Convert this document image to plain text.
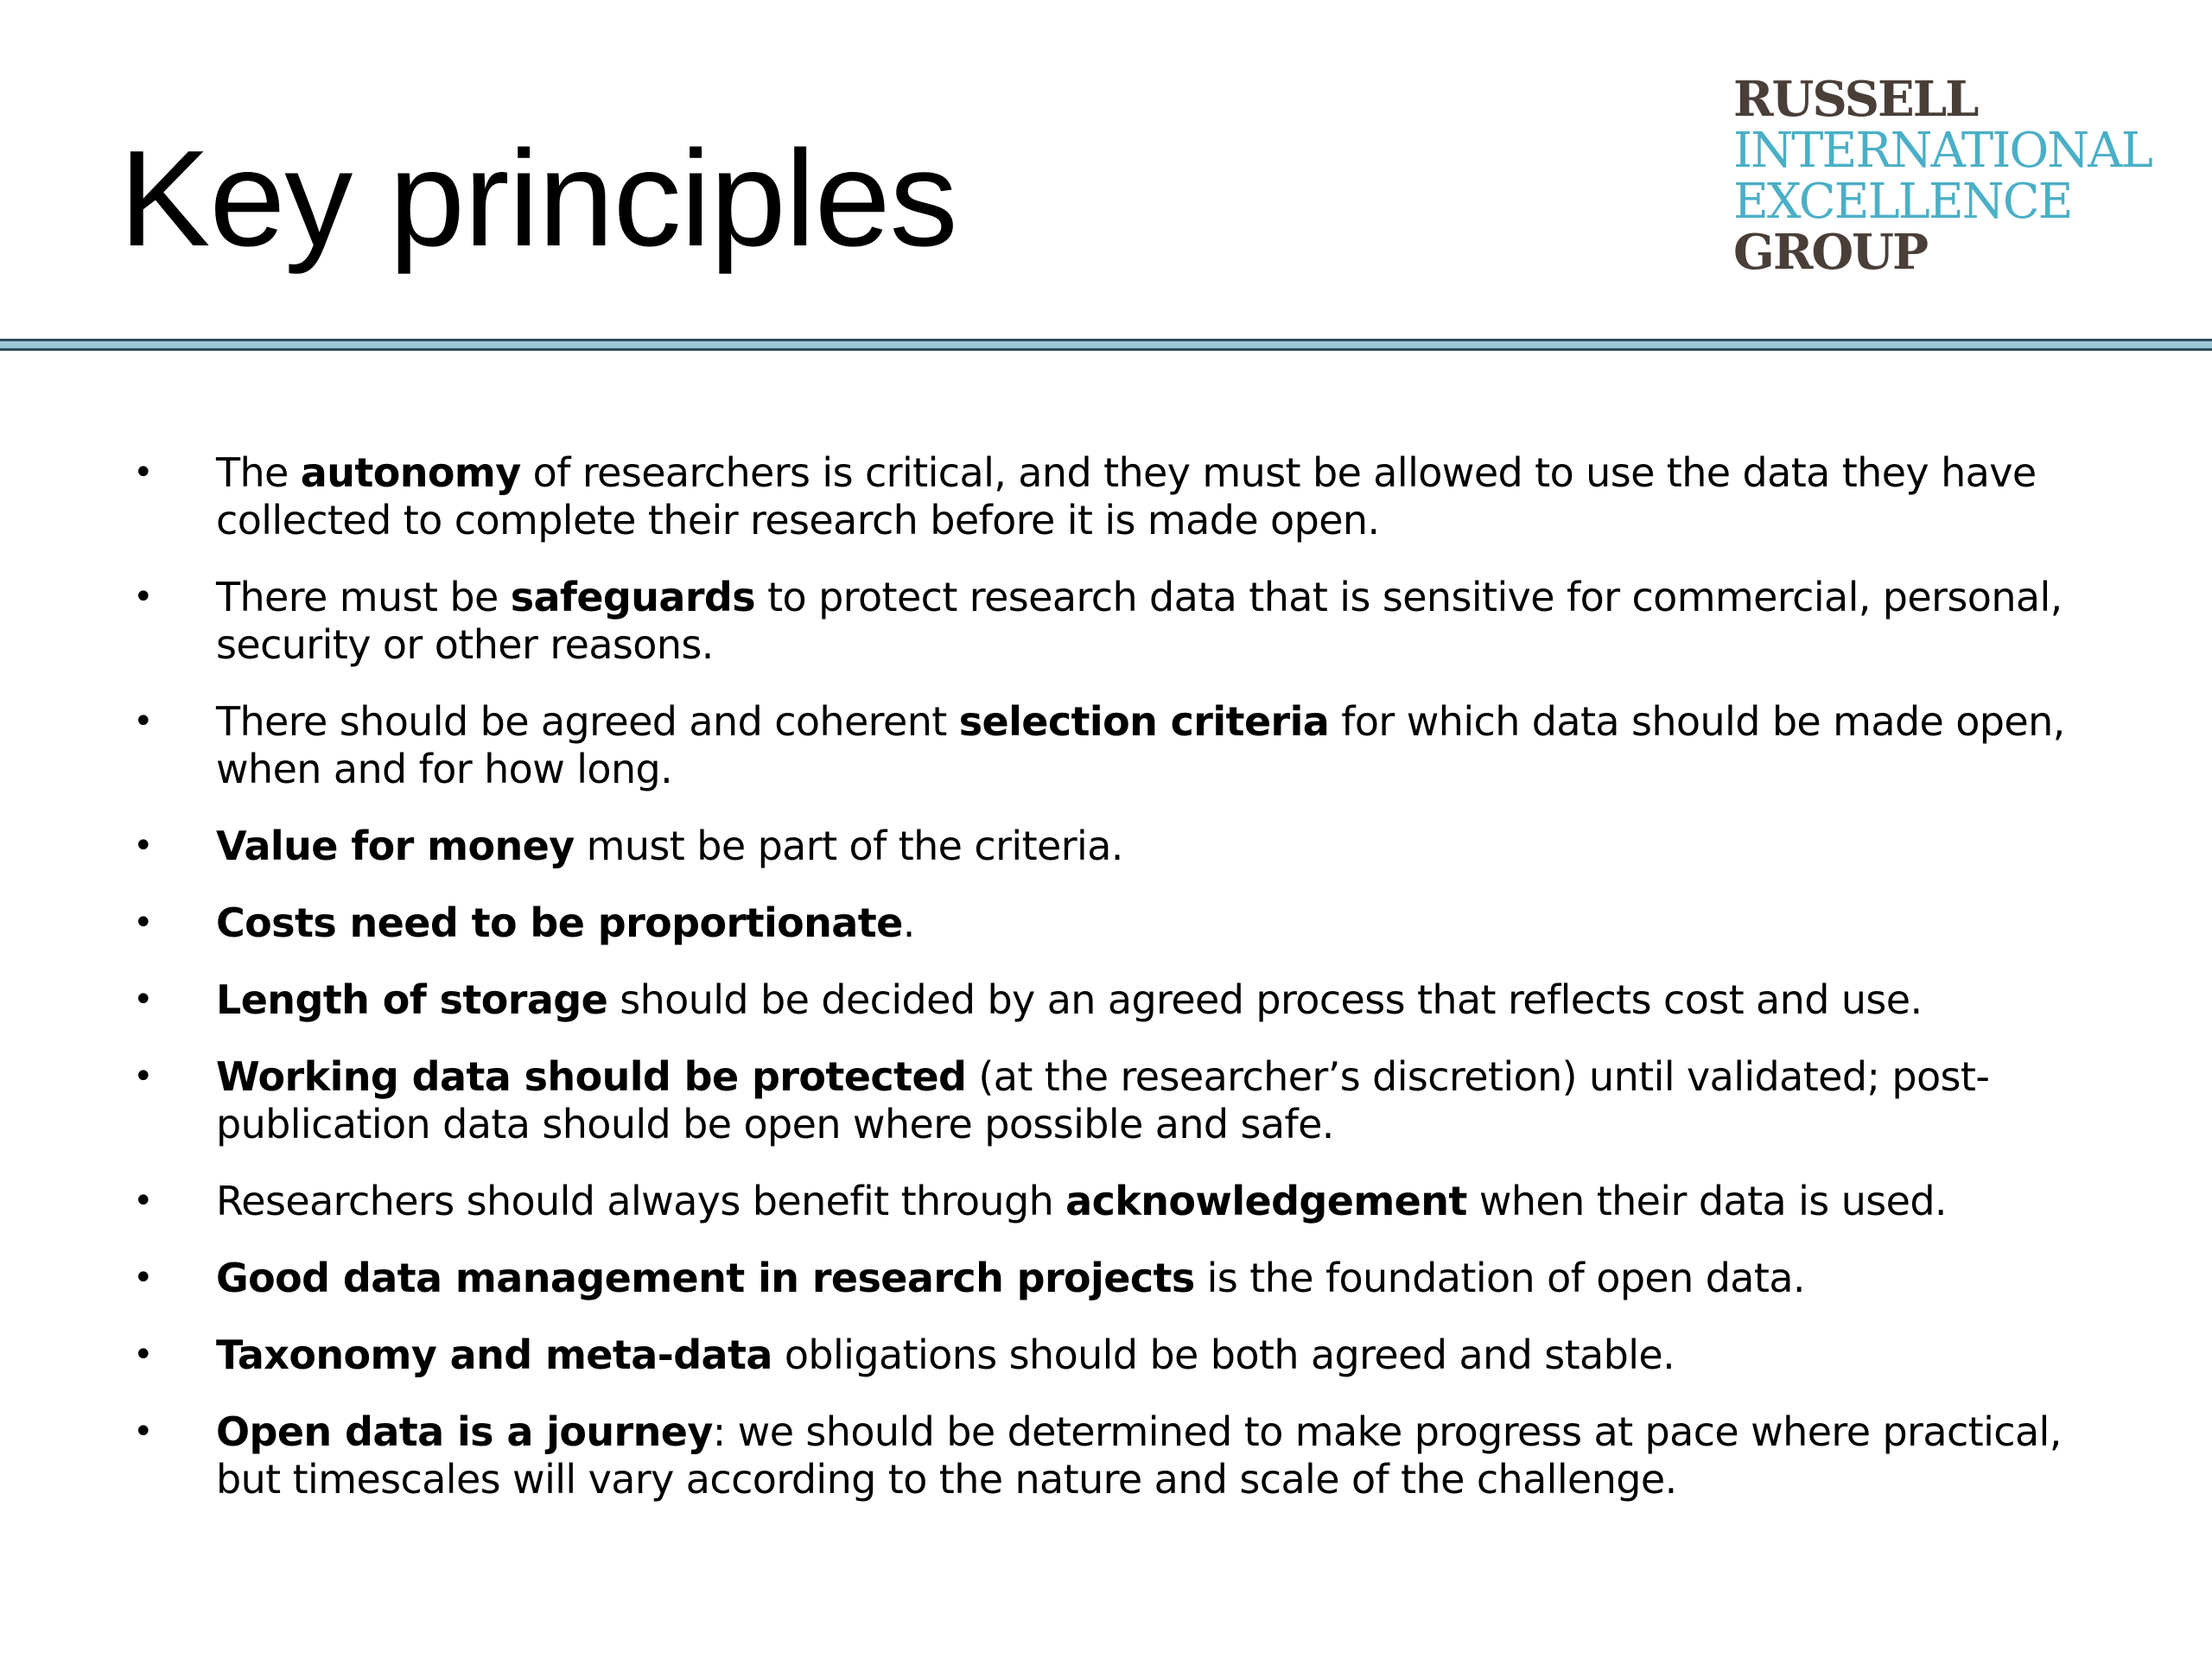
Key principles
RUSSELL
INTERNATIONAL
EXCELLENCE
GROUP
• The autonomy of researchers is critical, and they must be allowed to use the data they have collected to complete their research before it is made open.
• There must be safeguards to protect research data that is sensitive for commercial, personal, security or other reasons.
• There should be agreed and coherent selection criteria for which data should be made open, when and for how long.
• Value for money must be part of the criteria.
• Costs need to be proportionate.
• Length of storage should be decided by an agreed process that reflects cost and use.
• Working data should be protected (at the researcher’s discretion) until validated; post-publication data should be open where possible and safe.
• Researchers should always benefit through acknowledgement when their data is used.
• Good data management in research projects is the foundation of open data.
• Taxonomy and meta-data obligations should be both agreed and stable.
• Open data is a journey: we should be determined to make progress at pace where practical, but timescales will vary according to the nature and scale of the challenge.
